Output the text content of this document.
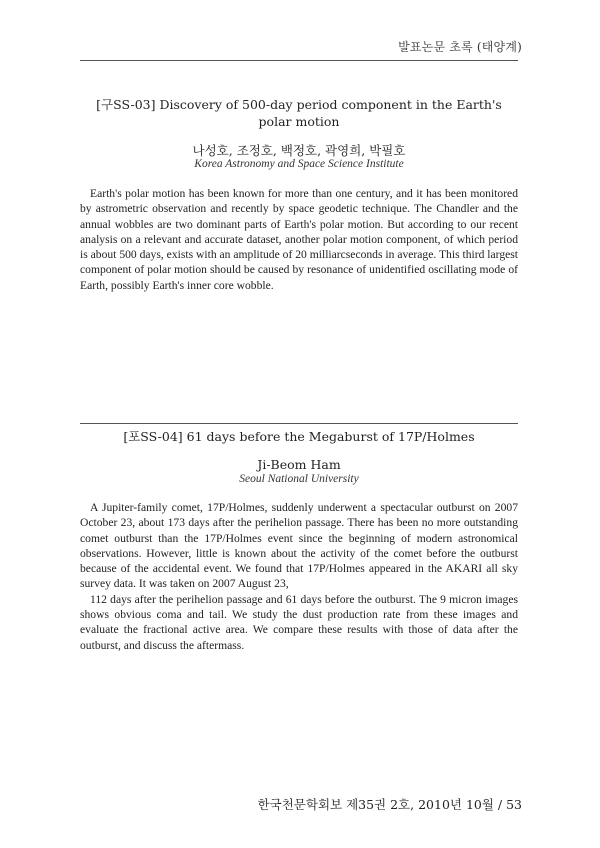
발표논문 초록 (태양계)
[구SS-03] Discovery of 500-day period component in the Earth's polar motion
나성호, 조정호, 백정호, 곽영희, 박필호
Korea Astronomy and Space Science Institute

Earth's polar motion has been known for more than one century, and it has been monitored by astrometric observation and recently by space geodetic technique. The Chandler and the annual wobbles are two dominant parts of Earth's polar motion. But according to our recent analysis on a relevant and accurate dataset, another polar motion component, of which period is about 500 days, exists with an amplitude of 20 milliarcseconds in average. This third largest component of polar motion should be caused by resonance of unidentified oscillating mode of Earth, possibly Earth's inner core wobble.

[포SS-04] 61 days before the Megaburst of 17P/Holmes
Ji-Beom Ham
Seoul National University

A Jupiter-family comet, 17P/Holmes, suddenly underwent a spectacular outburst on 2007 October 23, about 173 days after the perihelion passage. There has been no more outstanding comet outburst than the 17P/Holmes event since the beginning of modern astronomical observations. However, little is known about the activity of the comet before the outburst because of the accidental event. We found that 17P/Holmes appeared in the AKARI all sky survey data. It was taken on 2007 August 23,

112 days after the perihelion passage and 61 days before the outburst. The 9 micron images shows obvious coma and tail. We study the dust production rate from these images and evaluate the fractional active area. We compare these results with those of data after the outburst, and discuss the aftermass.

한국천문학회보 제35권 2호, 2010년 10월 / 53
